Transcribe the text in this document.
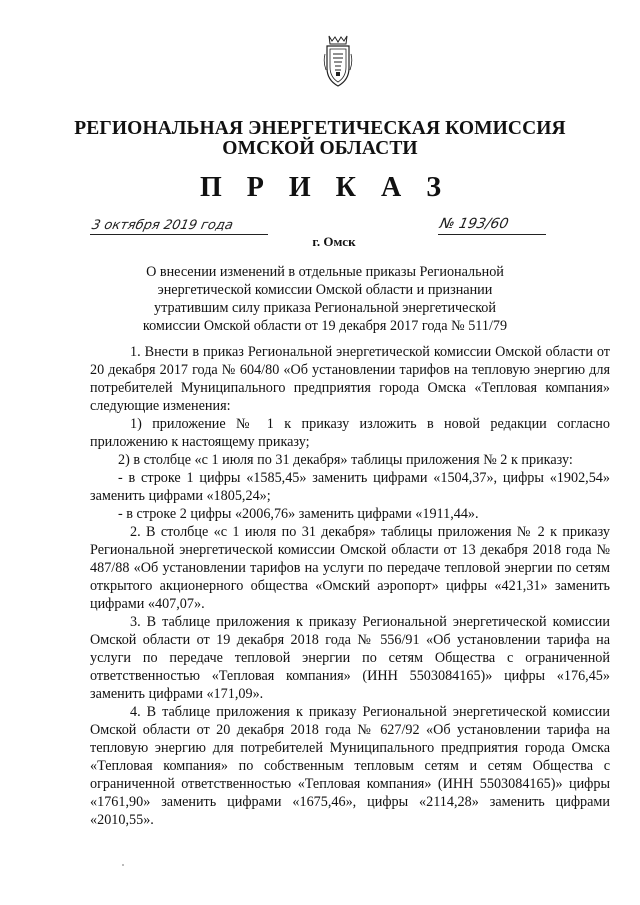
РЕГИОНАЛЬНАЯ ЭНЕРГЕТИЧЕСКАЯ КОМИССИЯ
ОМСКОЙ ОБЛАСТИ
П Р И К А З
3 октября 2019 года	№ 193/60
г. Омск
О внесении изменений в отдельные приказы Региональной
энергетической комиссии Омской области и признании
утратившим силу приказа Региональной энергетической
комиссии Омской области от 19 декабря 2017 года № 511/79

1. Внести в приказ Региональной энергетической комиссии Омской области от 20 декабря 2017 года № 604/80 «Об установлении тарифов на тепловую энергию для потребителей Муниципального предприятия города Омска «Тепловая компания» следующие изменения:

1) приложение № 1 к приказу изложить в новой редакции согласно приложению к настоящему приказу;

2) в столбце «с 1 июля по 31 декабря» таблицы приложения № 2 к приказу:

- в строке 1 цифры «1585,45» заменить цифрами «1504,37», цифры «1902,54» заменить цифрами «1805,24»;

- в строке 2 цифры «2006,76» заменить цифрами «1911,44».

2. В столбце «с 1 июля по 31 декабря» таблицы приложения № 2 к приказу Региональной энергетической комиссии Омской области от 13 декабря 2018 года № 487/88 «Об установлении тарифов на услуги по передаче тепловой энергии по сетям открытого акционерного общества «Омский аэропорт» цифры «421,31» заменить цифрами «407,07».

3. В таблице приложения к приказу Региональной энергетической комиссии Омской области от 19 декабря 2018 года № 556/91 «Об установлении тарифа на услуги по передаче тепловой энергии по сетям Общества с ограниченной ответственностью «Тепловая компания» (ИНН 5503084165)» цифры «176,45» заменить цифрами «171,09».

4. В таблице приложения к приказу Региональной энергетической комиссии Омской области от 20 декабря 2018 года № 627/92 «Об установлении тарифа на тепловую энергию для потребителей Муниципального предприятия города Омска «Тепловая компания» по собственным тепловым сетям и сетям Общества с ограниченной ответственностью «Тепловая компания» (ИНН 5503084165)» цифры «1761,90» заменить цифрами «1675,46», цифры «2114,28» заменить цифрами «2010,55».
